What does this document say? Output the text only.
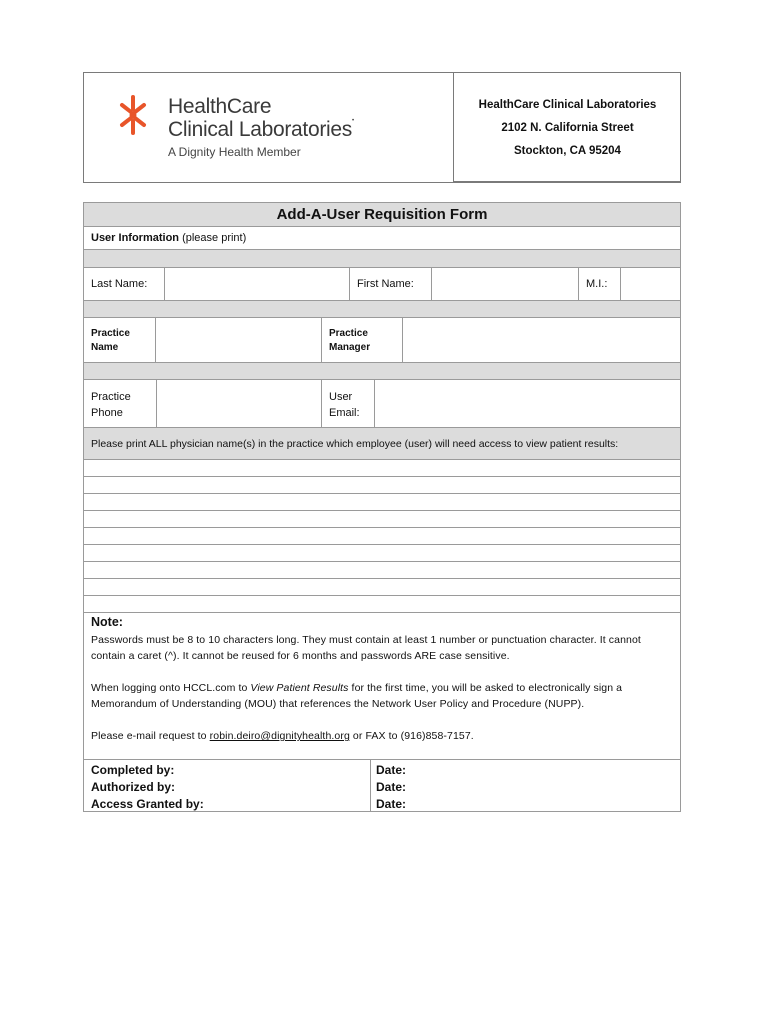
HealthCare
Clinical Laboratories•
A Dignity Health Member
HealthCare Clinical Laboratories
2102 N. California Street
Stockton, CA 95204
Add-A-User Requisition Form
User Information (please print)
Last Name:	First Name:	M.I.:
Practice
Name
Practice
Manager
Practice
Phone
User
Email:
Please print ALL physician name(s) in the practice which employee (user) will need access to view patient results:
Note:
Passwords must be 8 to 10 characters long. They must contain at least 1 number or punctuation character. It cannot contain a caret (^). It cannot be reused for 6 months and passwords ARE case sensitive.
When logging onto HCCL.com to View Patient Results for the first time, you will be asked to electronically sign a Memorandum of Understanding (MOU) that references the Network User Policy and Procedure (NUPP).
Please e-mail request to robin.deiro@dignityhealth.org or FAX to (916)858-7157.
Completed by:
Authorized by:
Access Granted by:
Date:
Date:
Date:
